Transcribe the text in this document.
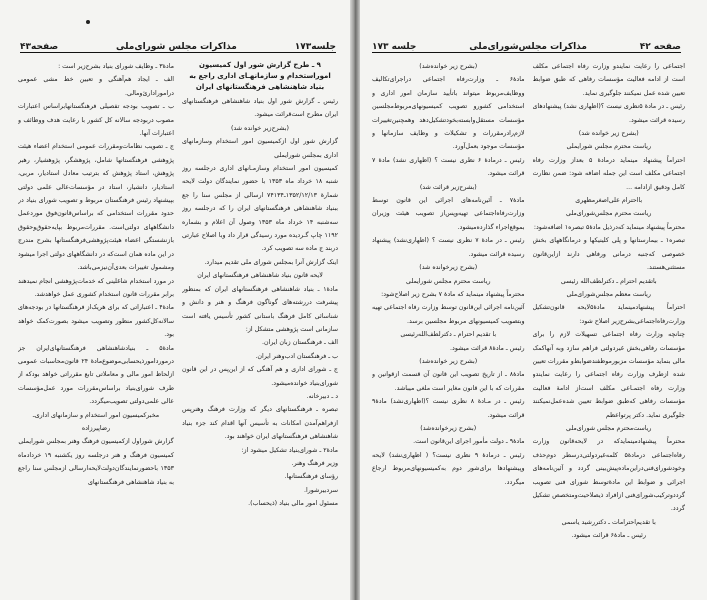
جلسه۱۷۳
مذاکرات مجلس شورای‌ملی
صفحه۴۳

۹ ـ طرح گزارش شور اول کمیسیون اموراستخدام و سازمانهـای اداری راجع به بنیاد شاهنشاهی فرهنگستانهای ایران

رئیس ـ گزارش شور اول بنیاد شاهنشاهی فرهنگستانهای ایران مطرح است‌قرائت میشود.

(بشرح‌زیر خوانده شد)

گزارش شور اول ازکمیسیون امور استخدام وسازمانهای اداری بمجلس شورایملی

کمیسیون امور استخدام وسازمـانهای اداری درجلسه روز شنبه ۱۸ خرداد ماه ۱۳۵۳ با حضور نمایندگان دولت لایحه شمارهٔ ۱۳۵۲/۱۲/۱۳ـ۷۴۱۳۴ ارسالی از مجلس سنا را جع ببنیاد شاهنشاهی فرهنگستانهای ایران را که درجلسه روز سه‌شنبه ۱۴ خرداد ماه ۱۳۵۳ وصول آن اعلام و بشماره ۱۱۹۲ چاپ گـردیده مورد رسیدگی قرار داد وبا اصلاح عبارتی دربند ج ماده سه تصویب کرد.

اینک گزارش آنرا بمجلس شورای ملی تقدیم میدارد.

لایحه قانون بنیاد شاهنشاهی فرهنگستانهای ایران

مادهٔ۱ ـ بنیاد شاهنشاهی فرهنگستانهای ایران که بمنظور پیشرفت دررشته‌های گوناگون فرهنگ و هنر و دانش و شناسائی کامل فرهنگ باستانی کشور تأسیس یافته است سازمانی است پژوهشی متشکل از:

الف ـ فرهنگستان زبان ایران.

ب ـ فرهنگستان ادب‌وهنر ایران.

ج ـ شورای اداری و هم آهنگی که از این‌پس در این قانون شورای‌بنیاد خوانده‌میشود.

د ـ دبیرخانه.

تبصره ـ فرهنگستانهای دیگر که وزارت فرهنگ وهنرپس ازفراهم‌آمدن امکانات به تأسیس آنها اقدام کند جزء بنیاد شاهنشاهی فرهنگستانهای ایران خواهند بود.

مادهٔ۲ ـ شورای‌بنیاد تشکیل میشود از:

وزیر فرهنگ وهنر.

رؤسای فرهنگستانها.

سردبیرشورا.

مسئول امور مالی بنیاد (ذیحساب).

مادهٔ۳ ـ وظایف شورای بنیاد بشرح‌زیر است :

الف ـ ایجاد هم‌آهنگی و تعیین خط مشی عمومی درامورادارئ‌ومالی.

ب ـ تصویب بودجه تفصیلی فرهنگستانهابراساس اعتبارات مصوب دربودجه سالانه کل کشور با رعایت هدف ووظائف و اعتبارات آنها.

ج ـ تصویب نظامات‌ومقررات عمومی استخدام اعضاء هیئت پژوهشی فرهنگستانها شامل، پژوهشگر، پژوهشیار، رهبر پژوهش، استاد پژوهش که بترتیب معادل استادیار، مربی، استادیار، دانشیار، استاد در مؤسسات‌عالی علمی دولتی بپیشنهاد رئیس فرهنگستان مربوط و تصویب شورای بنیاد در حدود مقررات استخدامی که براساس‌قانون‌فوق مورد‌عمل دانشگاههای دولتی‌است. مقررات‌مربوط بپایه‌حقوق‌وحقوق بازنشستگی اعضاء هیئت‌پژوهشی‌فرهنگستانها بشرح مندرج در این ماده همان است‌که در دانشگاههای دولتی اجرا میشود ومشمول تغییرات بعدی‌آن‌نیزمی‌باشد.

در مورد استخدام شاغلینی که خدمات‌پژوهشی انجام نمیدهند برابر مقررات قانون استخدام کشوری عمل خواهدشد.

مادهٔ۴ ـ اعتباراتی که برای هریک‌از فرهنگستانها در بودجه‌های سالانه‌کل‌کشور منظور وتصویب میشود بصورت‌کمک خواهد بود.

مادهٔ۵ ـ بنیادشاهنشاهی فرهنگستانهای‌ایران جز درموردامورذیحسابی‌موضوع‌مادهٔ ۲۴ قانون‌محاسبات عمومی ازلحاظ امور مالی و معاملاتی تابع مقرراتی خواهد بودکه از طرف شورای‌بنیاد براساس‌مقررات مورد عمل‌مؤسسات عالی علمی‌دولتی تصویب‌میگردد.

مخبرکمیسیون امور استخدام و سازمانهای اداری‌ـ رضاپیرزاده

گزارش شوراول ازکمیسیون فرهنگ وهنر بمجلس شورایملی

کمیسیون فرهنگ و هنر درجلسه روز یکشنبه ۱۹ خردادماه ۱۳۵۳ باحضورنمایندگان‌دولت‌لایحه‌ارسالی ازمجلس سنا راجع به بنیاد شاهنشاهی فرهنگستانهای

صفحه ۴۲
مذاکرات مجلس‌شورای‌ملی
جلسه ۱۷۳

اجتماعی را رعایت نمایندو وزارت رفاه اجتماعی مکلف است از ادامه فعالیت مؤسسات رفاهی که طبق ضوابط تعیین شده عمل نمیکنند جلوگیری نماید.

رئیس ـ در مادهٔ ۵نظری نیست ؟(اظهاری نشد) پیشنهادهای رسیده قرائت میشود.

(بشرح زیر خوانده شد)

ریاست محترم مجلس شورایملی

احتراماً پیشنهاد مینماید درمادهٔ ۵ بعداز وزارت رفاه اجتماعی مکلف است این جمله اضافه شود: ضمن نظارت کامل ودقیق ازادامه ...

بااحترام علی‌اصغرمظهری

ریاست محترم مجلس‌شورای‌ملی

محترماً پیشنهاد مینماید که‌درذیل مادهٔ۵ تبصره۱ اضافه‌شود:

تبصره۱ ـ بیمارستانها و پلی کلینیکها و درمانگاههای بخش خصوصی که‌جنبه درمانی ورفاهی دارند ازاین‌قانون مستثنی‌هستند.

باتقدیم احترام ـ دکترلطف‌الله رئیسی

ریاست معظم مجلس‌شورای‌ملی

احتراماً پیشنهادمینماید مادهٔ۵لایحه قانون‌تشکیل وزارت‌رفاه‌اجتماعی‌بشرح‌زیر اصلاح شود:

چنانچه وزارت رفاه اجتماعی تسهیلات لازم را برای مؤسسات رفاهی‌بخش غیردولتی فراهم سازد وبه آنهاکمک مالی بنماید مؤسسات مزبورموظفندضوابط‌و مقررات تعیین شده ازطرف وزارت رفاه اجتماعی را رعایت نمایندو وزارت رفاه اجتمـاعی مکلف است‌از ادامهٔ فعالیت مؤسسات رفاهی که‌طبق ضوابط تعیین شده‌عمل‌نمیکنند جلوگیری نماید. دکتر پرتواعظم

ریاست‌محترم مجلس شورای‌ملی

محترماً پیشنهادمینمایدکه در لایحه‌قانون وزارت رفاه‌اجتماعی درمادهٔ۵ کلمه‌غیردولتی‌درسطر دوم‌حذف‌ وخودشورای‌فنی‌دراین‌ماده‌پیش‌بینی گردد و آئین‌نامه‌های اجرائی و ضوابط این مادهٔ‌توسط شورای فنی تصویب گرددوترکیب‌شورای‌فنی ازافراد ذیصلاحیت‌ومتخصص تشکیل گردد.

با تقدیم‌احترامات ـ دکتررشید یاسمی

رئیس ـ مادهٔ۶ قرائت میشود.

(بشرح زیر خوانده‌شد)

مادهٔ۶ ـ وزارت‌رفاه اجتماعی دراجرای‌تکالیف ووظایف‌مربوط میتواند باتأیید سازمان امور اداری و استخدامی کشورو تصویب کمیسیونهای‌مربوط‌مجلسین مؤسسات مستقل‌وابسته‌بخودتشکیل‌دهد وهمچنین‌تغییرات لازم‌رادرمقررات و تشکیلات و وظایف سازمانها و مؤسسات موجود بعمل‌آورد.

رئیس ـ درمادهٔ ۶ نظری نیست ؟ (اظهاری نشد) مادهٔ ۷ قرائت میشود.

(بشرح‌زیر قرائت شد)

مادهٔ۷ ـ آئین‌نامه‌های اجرائی این قانون توسط وزارت‌رفاه‌اجتماعی تهیه‌وپس‌از تصویب هیئت وزیران بموقع‌اجراء گذارده‌میشود.

رئیس ـ در مادهٔ ۷ نظری نیست ؟ (اظهاری‌نشد) پیشنهاد رسیده قرائت میشود.

(بشرح زیرخوانده شد)

ریاست محترم مجلس شورایملی

محترماً پیشنهاد مینماید که مادهٔ ۷ بشرح زیر اصلاح‌شود:

آئین‌نامه اجرائی این‌قانون توسط وزارت رفاه اجتماعی تهیه وبتصویب کمیسیونهای مربوط مجلسین برسد.

با تقدیم احترام ـ دکترلطف‌الله‌رئیسی

رئیس ـ مادهٔ۸ قرائت میشود.

(بشرح زیر خوانده‌شد)

مادهٔ۸ ـ از تاریخ تصویب این قانون آن قسمت ازقوانین و مقررات که با این قانون مغایر است ملغی میباشد.

رئیس ـ در مـادهٔ ۸ نظری نیست ؟(اظهاری‌نشد) مادهٔ۹ قرائت میشود.

(بشرح زیرخوانده‌شد)

مادهٔ۹ ـ دولت مأمور اجرای این‌قانون است.

رئیس ـ درمادهٔ ۹ نظری نیست؟ ( اظهاری‌نشد) لایحه وپیشنهادها برای‌شور دوم به‌کمیسیونهای‌مربوط ارجاع میگردد.
